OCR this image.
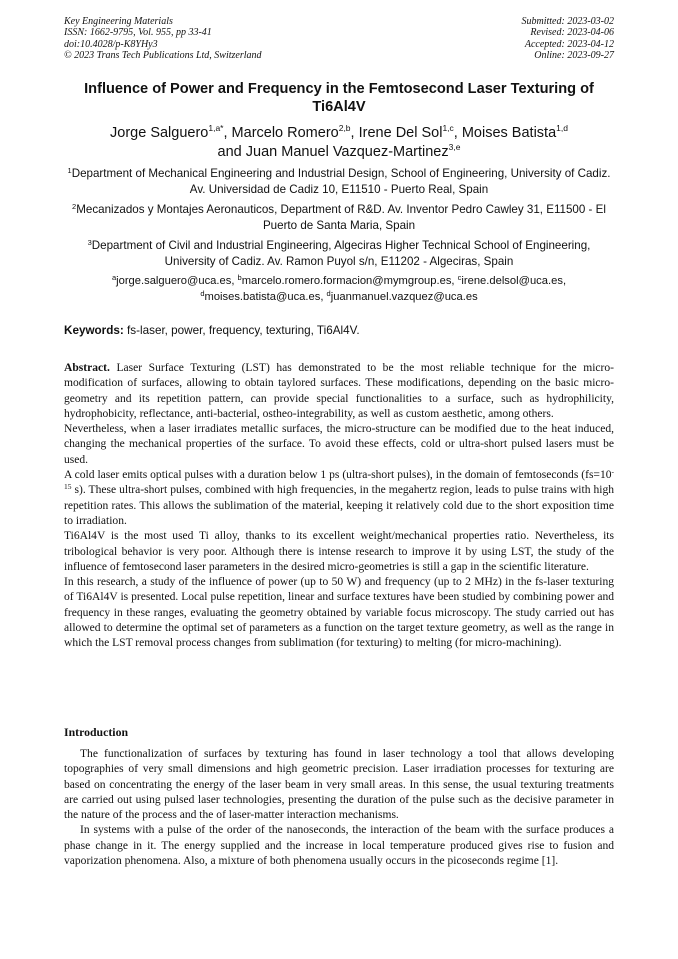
Key Engineering Materials
ISSN: 1662-9795, Vol. 955, pp 33-41
doi:10.4028/p-K8YHy3
© 2023 Trans Tech Publications Ltd, Switzerland
Submitted: 2023-03-02
Revised: 2023-04-06
Accepted: 2023-04-12
Online: 2023-09-27
Influence of Power and Frequency in the Femtosecond Laser Texturing of Ti6Al4V
Jorge Salguero$^{1,a*}$, Marcelo Romero$^{2,b}$, Irene Del Sol$^{1,c}$, Moises Batista$^{1,d}$
and Juan Manuel Vazquez-Martinez$^{3,e}$
$^1$Department of Mechanical Engineering and Industrial Design, School of Engineering, University of Cadiz. Av. Universidad de Cadiz 10, E11510 - Puerto Real, Spain
$^2$Mecanizados y Montajes Aeronauticos, Department of R&D. Av. Inventor Pedro Cawley 31, E11500 - El Puerto de Santa Maria, Spain
$^3$Department of Civil and Industrial Engineering, Algeciras Higher Technical School of Engineering, University of Cadiz. Av. Ramon Puyol s/n, E11202 - Algeciras, Spain
$^a$jorge.salguero@uca.es, $^b$marcelo.romero.formacion@mymgroup.es, $^c$irene.delsol@uca.es,
$^d$moises.batista@uca.es, $^d$juanmanuel.vazquez@uca.es
Keywords: fs-laser, power, frequency, texturing, Ti6Al4V.

Abstract. Laser Surface Texturing (LST) has demonstrated to be the most reliable technique for the micro-modification of surfaces, allowing to obtain taylored surfaces. These modifications, depending on the basic micro-geometry and its repetition pattern, can provide special functionalities to a surface, such as hydrophilicity, hydrophobicity, reflectance, anti-bacterial, ostheo-integrability, as well as custom aesthetic, among others.

Nevertheless, when a laser irradiates metallic surfaces, the micro-structure can be modified due to the heat induced, changing the mechanical properties of the surface. To avoid these effects, cold or ultra-short pulsed lasers must be used.

A cold laser emits optical pulses with a duration below 1 ps (ultra-short pulses), in the domain of femtoseconds ($fs=10^{-15}$ s). These ultra-short pulses, combined with high frequencies, in the megahertz region, leads to pulse trains with high repetition rates. This allows the sublimation of the material, keeping it relatively cold due to the short exposition time to irradiation.

Ti6Al4V is the most used Ti alloy, thanks to its excellent weight/mechanical properties ratio. Nevertheless, its tribological behavior is very poor. Although there is intense research to improve it by using LST, the study of the influence of femtosecond laser parameters in the desired micro-geometries is still a gap in the scientific literature.

In this research, a study of the influence of power (up to 50 W) and frequency (up to 2 MHz) in the fs-laser texturing of Ti6Al4V is presented. Local pulse repetition, linear and surface textures have been studied by combining power and frequency in these ranges, evaluating the geometry obtained by variable focus microscopy. The study carried out has allowed to determine the optimal set of parameters as a function on the target texture geometry, as well as the range in which the LST removal process changes from sublimation (for texturing) to melting (for micro-machining).

Introduction

The functionalization of surfaces by texturing has found in laser technology a tool that allows developing topographies of very small dimensions and high geometric precision. Laser irradiation processes for texturing are based on concentrating the energy of the laser beam in very small areas. In this sense, the usual texturing treatments are carried out using pulsed laser technologies, presenting the duration of the pulse such as the decisive parameter in the nature of the process and the of laser-matter interaction mechanisms.

In systems with a pulse of the order of the nanoseconds, the interaction of the beam with the surface produces a phase change in it. The energy supplied and the increase in local temperature produced gives rise to fusion and vaporization phenomena. Also, a mixture of both phenomena usually occurs in the picoseconds regime [1].
